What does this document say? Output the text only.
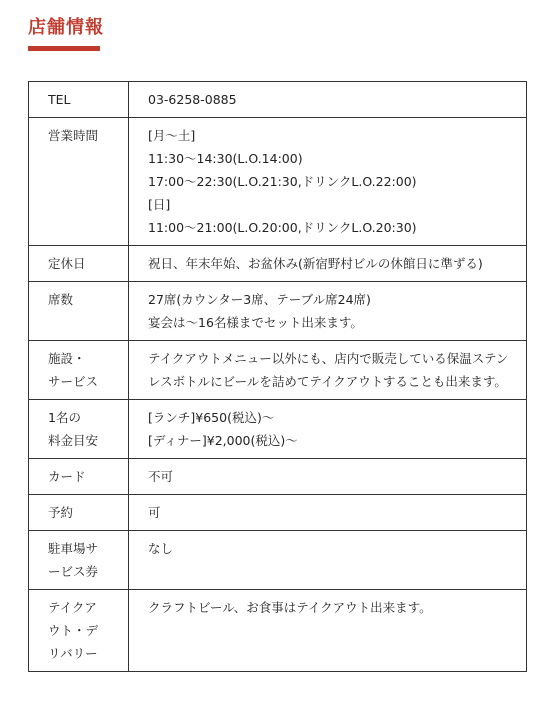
店舗情報
TEL	03-6258-0885

営業時間	[月〜土]
11:30〜14:30(L.O.14:00)
17:00〜22:30(L.O.21:30,ドリンクL.O.22:00)
[日]
11:00〜21:00(L.O.20:00,ドリンクL.O.20:30)

定休日	祝日、年末年始、お盆休み(新宿野村ビルの休館日に準ずる)

席数	27席(カウンター3席、テーブル席24席)
宴会は〜16名様までセット出来ます。

施設・
サービス	テイクアウトメニュー以外にも、店内で販売している保温ステンレスボトルにビールを詰めてテイクアウトすることも出来ます。

1名の
料金目安	[ランチ]¥650(税込)〜
[ディナー]¥2,000(税込)〜

カード	不可

予約	可

駐車場サ
ービス券	なし

テイクア
ウト・デ
リバリー	クラフトビール、お食事はテイクアウト出来ます。
